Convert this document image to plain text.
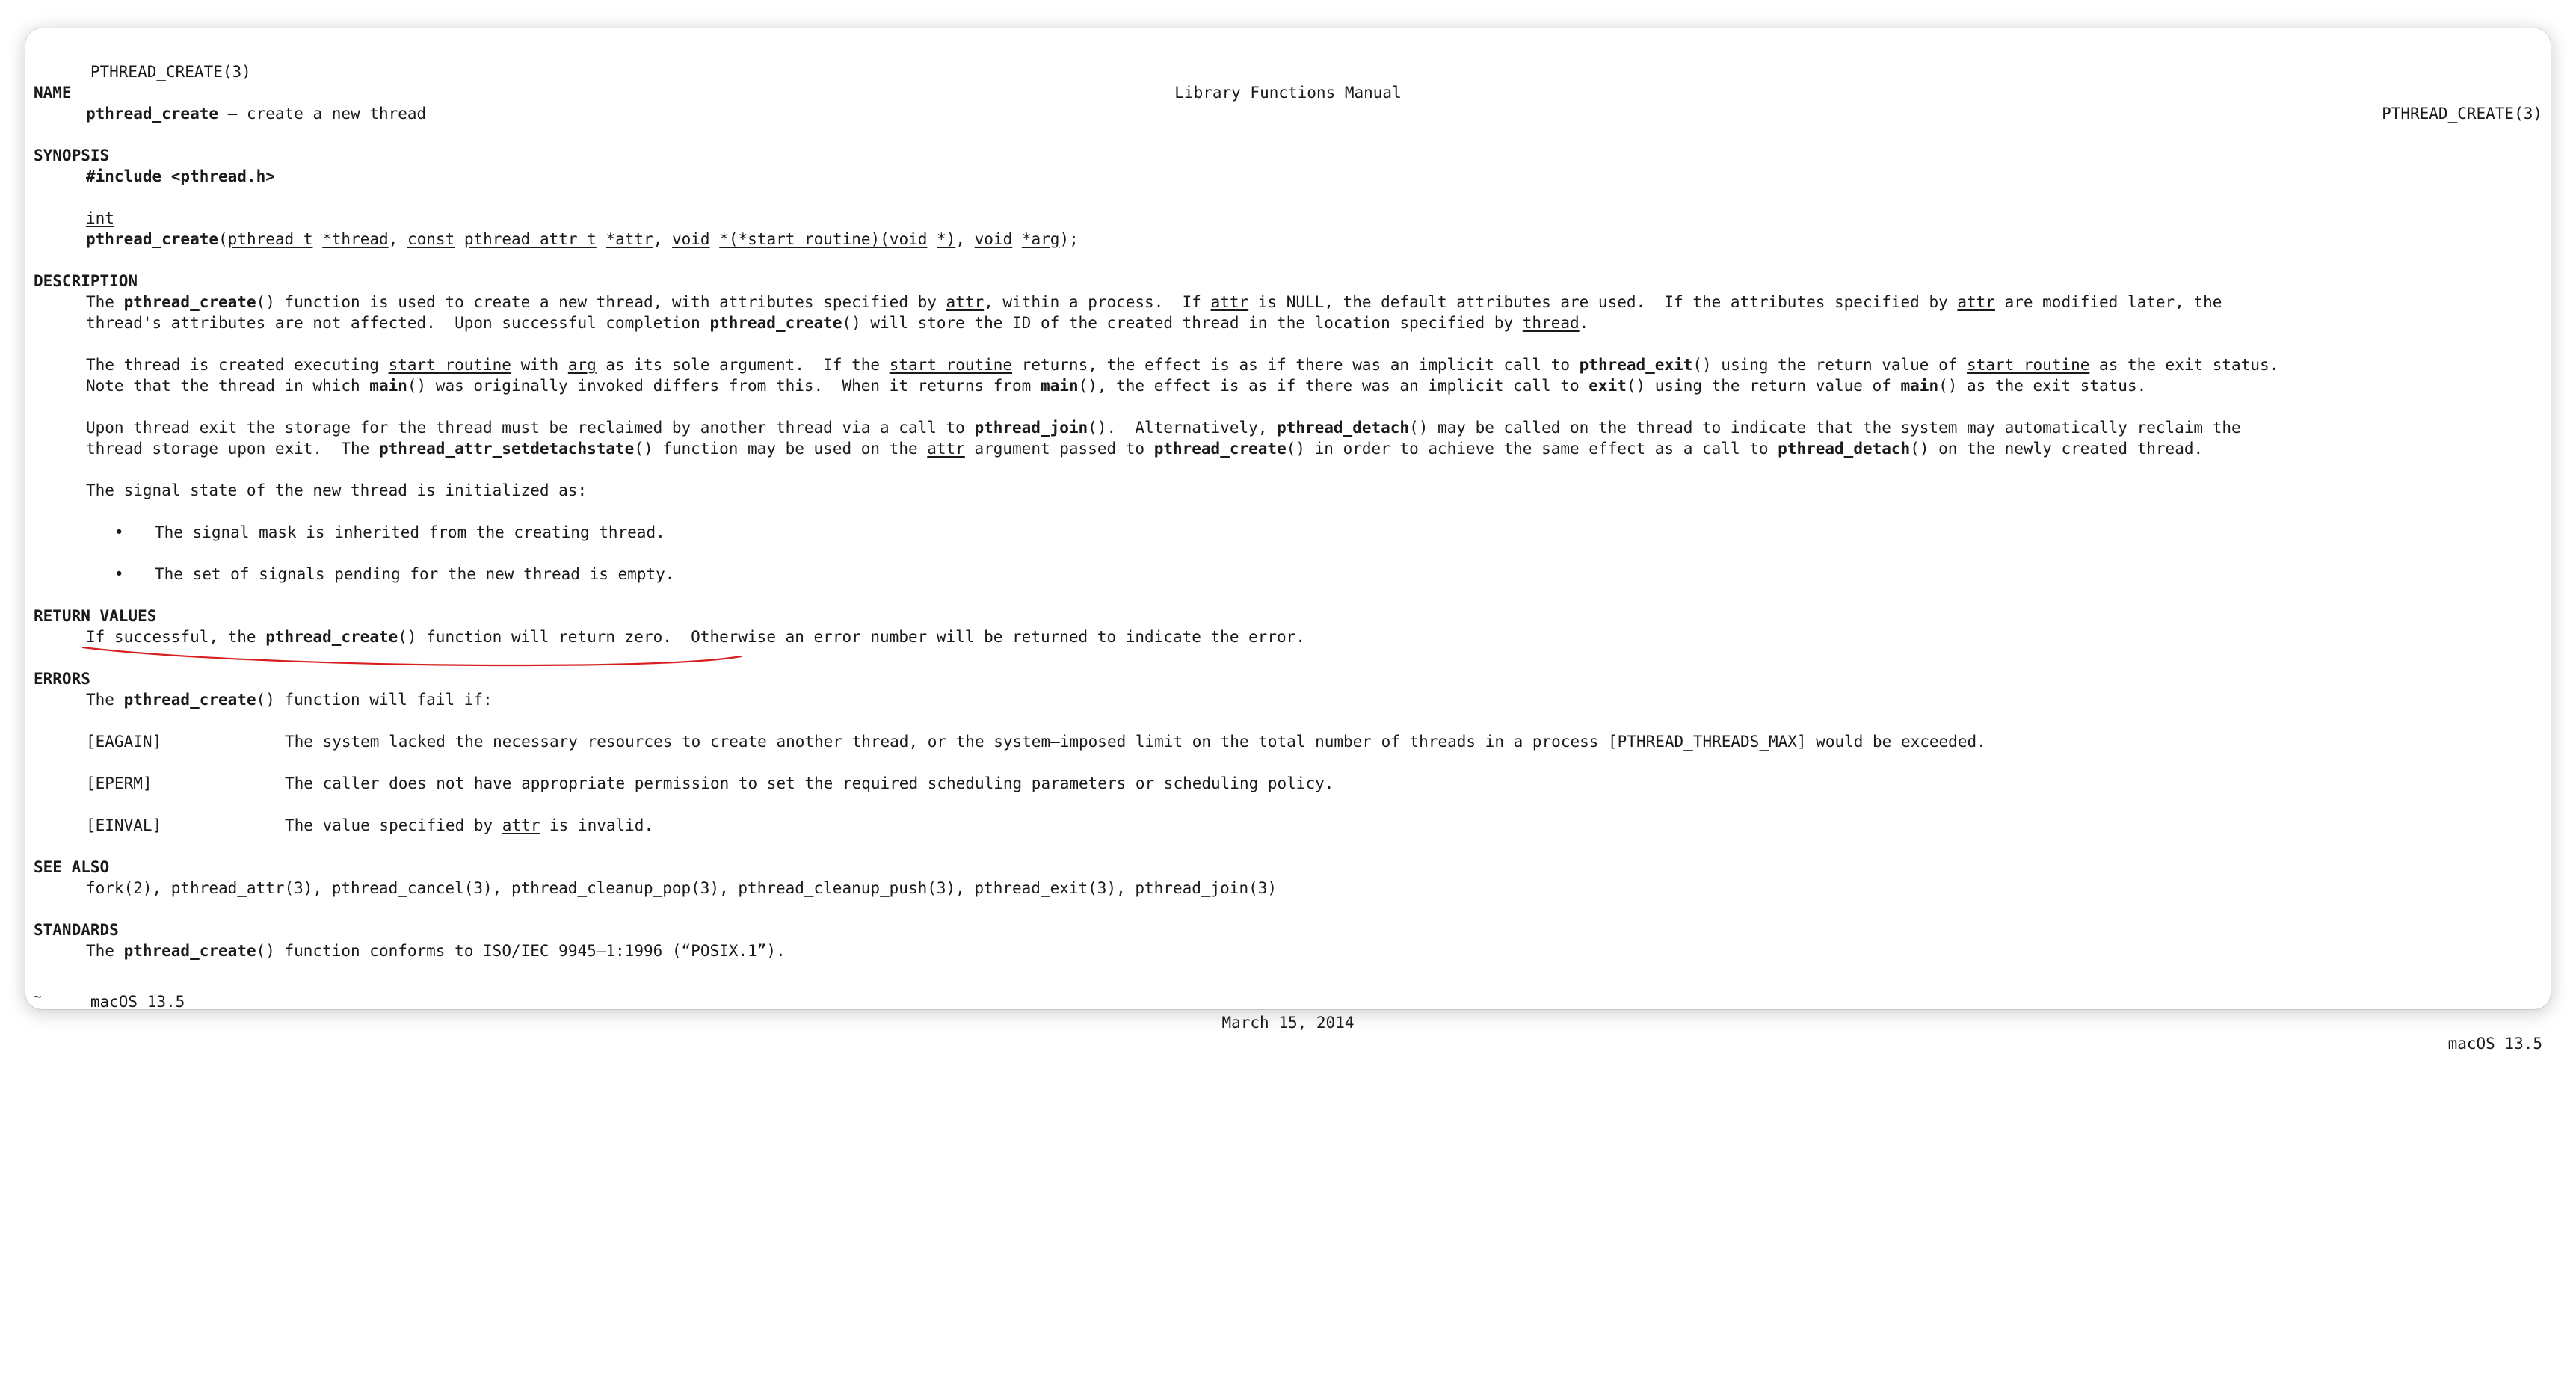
PTHREAD_CREATE(3)

Library Functions Manual

PTHREAD_CREATE(3)

NAME

pthread_create – create a new thread

SYNOPSIS

#include <pthread.h>

int

pthread_create(pthread_t *thread, const pthread_attr_t *attr, void *(*start_routine)(void *), void *arg);

DESCRIPTION

The pthread_create() function is used to create a new thread, with attributes specified by attr, within a process.  If attr is NULL, the default attributes are used.  If the attributes specified by attr are modified later, the

thread's attributes are not affected.  Upon successful completion pthread_create() will store the ID of the created thread in the location specified by thread.

The thread is created executing start_routine with arg as its sole argument.  If the start_routine returns, the effect is as if there was an implicit call to pthread_exit() using the return value of start_routine as the exit status.

Note that the thread in which main() was originally invoked differs from this.  When it returns from main(), the effect is as if there was an implicit call to exit() using the return value of main() as the exit status.

Upon thread exit the storage for the thread must be reclaimed by another thread via a call to pthread_join().  Alternatively, pthread_detach() may be called on the thread to indicate that the system may automatically reclaim the

thread storage upon exit.  The pthread_attr_setdetachstate() function may be used on the attr argument passed to pthread_create() in order to achieve the same effect as a call to pthread_detach() on the newly created thread.

The signal state of the new thread is initialized as:

• The signal mask is inherited from the creating thread.

• The set of signals pending for the new thread is empty.

RETURN VALUES

If successful, the pthread_create() function will return zero.  Otherwise an error number will be returned to indicate the error.

ERRORS

The pthread_create() function will fail if:

[EAGAIN]

	The system lacked the necessary resources to create another thread, or the system–imposed limit on the total number of threads in a process [PTHREAD_THREADS_MAX] would be exceeded.

[EPERM]

	The caller does not have appropriate permission to set the required scheduling parameters or scheduling policy.

[EINVAL]

	The value specified by attr is invalid.

SEE ALSO

fork(2), pthread_attr(3), pthread_cancel(3), pthread_cleanup_pop(3), pthread_cleanup_push(3), pthread_exit(3), pthread_join(3)

STANDARDS

The pthread_create() function conforms to ISO/IEC 9945–1:1996 (“POSIX.1”).

macOS 13.5

March 15, 2014

macOS 13.5

~
